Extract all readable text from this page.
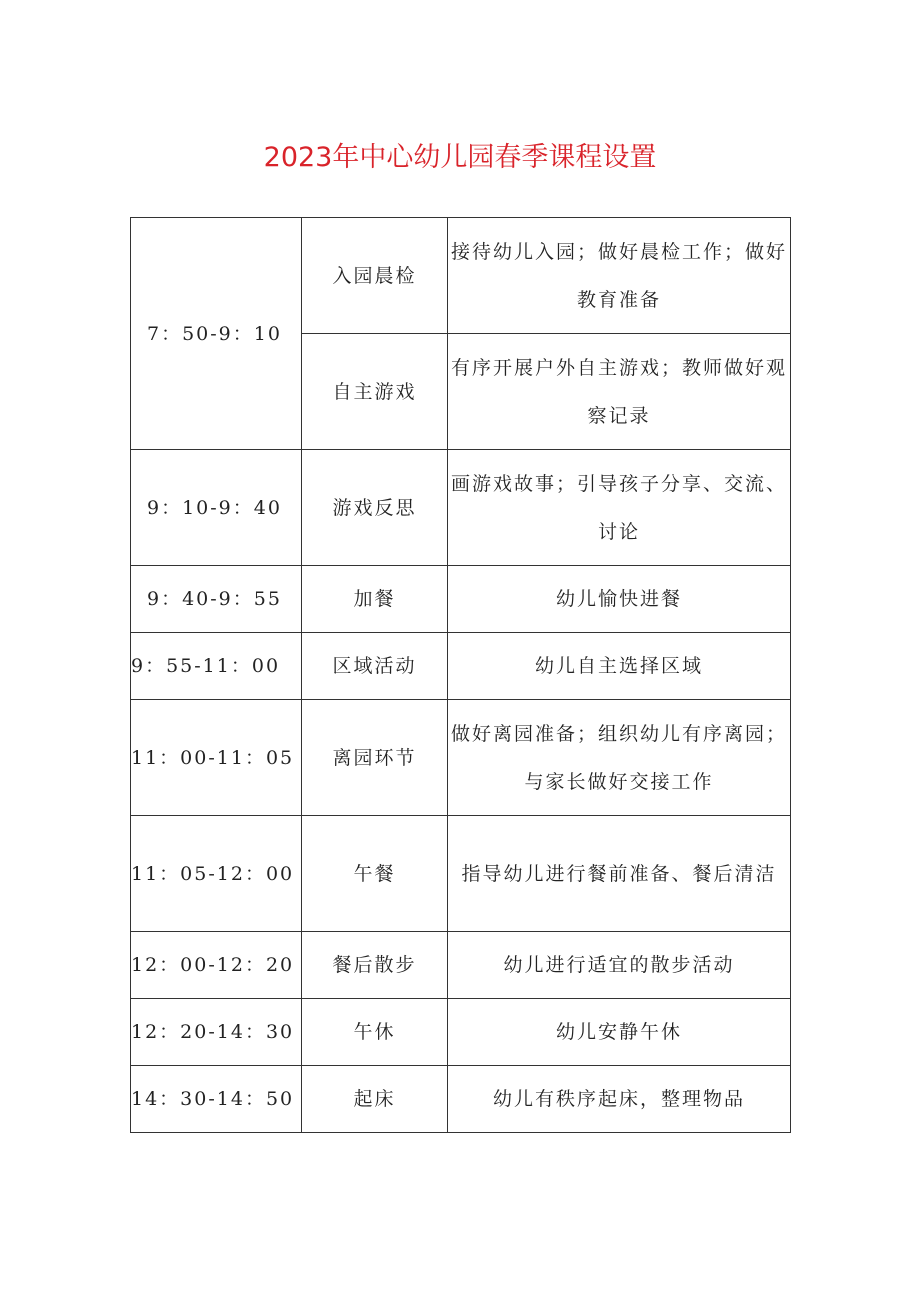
2023年中心幼儿园春季课程设置
7：50-9：10	入园晨检	接待幼儿入园；做好晨检工作；做好教育准备
	自主游戏	有序开展户外自主游戏；教师做好观察记录
9：10-9：40	游戏反思	画游戏故事；引导孩子分享、交流、讨论
9：40-9：55	加餐	幼儿愉快进餐
9：55-11：00	区域活动	幼儿自主选择区域
11：00-11：05	离园环节	做好离园准备；组织幼儿有序离园；与家长做好交接工作
11：05-12：00	午餐	指导幼儿进行餐前准备、餐后清洁
12：00-12：20	餐后散步	幼儿进行适宜的散步活动
12：20-14：30	午休	幼儿安静午休
14：30-14：50	起床	幼儿有秩序起床，整理物品
